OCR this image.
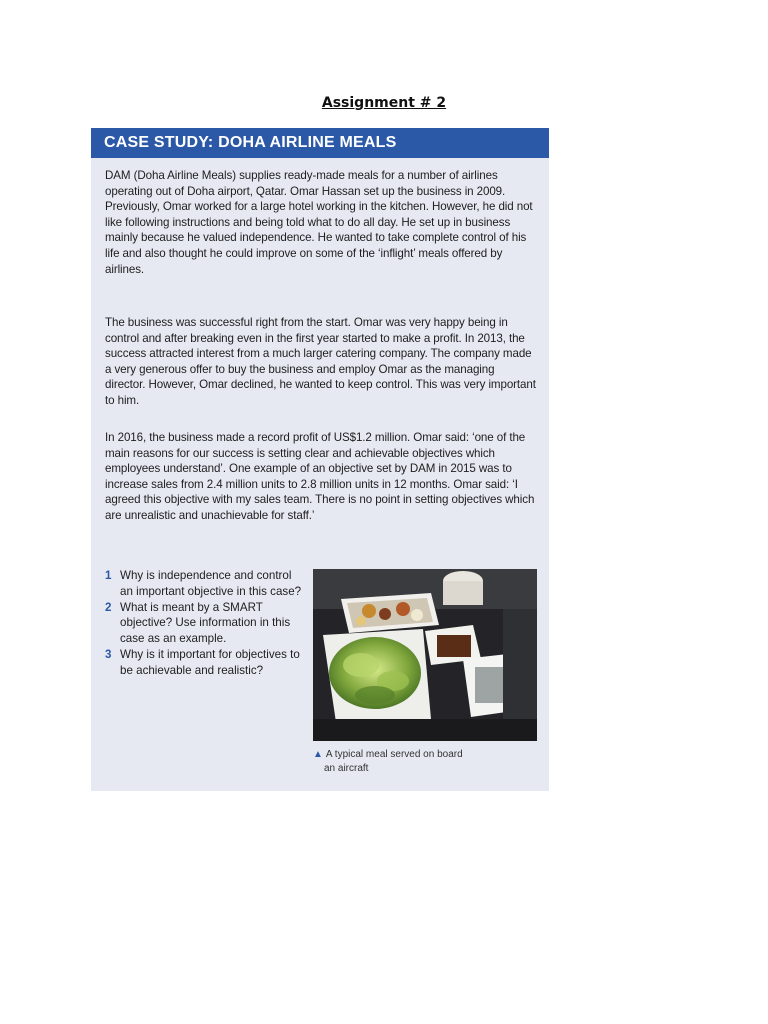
Assignment # 2
CASE STUDY: DOHA AIRLINE MEALS

DAM (Doha Airline Meals) supplies ready-made meals for a number of airlines operating out of Doha airport, Qatar. Omar Hassan set up the business in 2009. Previously, Omar worked for a large hotel working in the kitchen. However, he did not like following instructions and being told what to do all day. He set up in business mainly because he valued independence. He wanted to take complete control of his life and also thought he could improve on some of the ‘inflight’ meals offered by airlines.

The business was successful right from the start. Omar was very happy being in control and after breaking even in the first year started to make a profit. In 2013, the success attracted interest from a much larger catering company. The company made a very generous offer to buy the business and employ Omar as the managing director. However, Omar declined, he wanted to keep control. This was very important to him.

In 2016, the business made a record profit of US$1.2 million. Omar said: ‘one of the main reasons for our success is setting clear and achievable objectives which employees understand’. One example of an objective set by DAM in 2015 was to increase sales from 2.4 million units to 2.8 million units in 12 months. Omar said: ‘I agreed this objective with my sales team. There is no point in setting objectives which are unrealistic and unachievable for staff.’

1 Why is independence and control an important objective in this case?
2 What is meant by a SMART objective? Use information in this case as an example.
3 Why is it important for objectives to be achievable and realistic?
▲ A typical meal served on board
an aircraft
